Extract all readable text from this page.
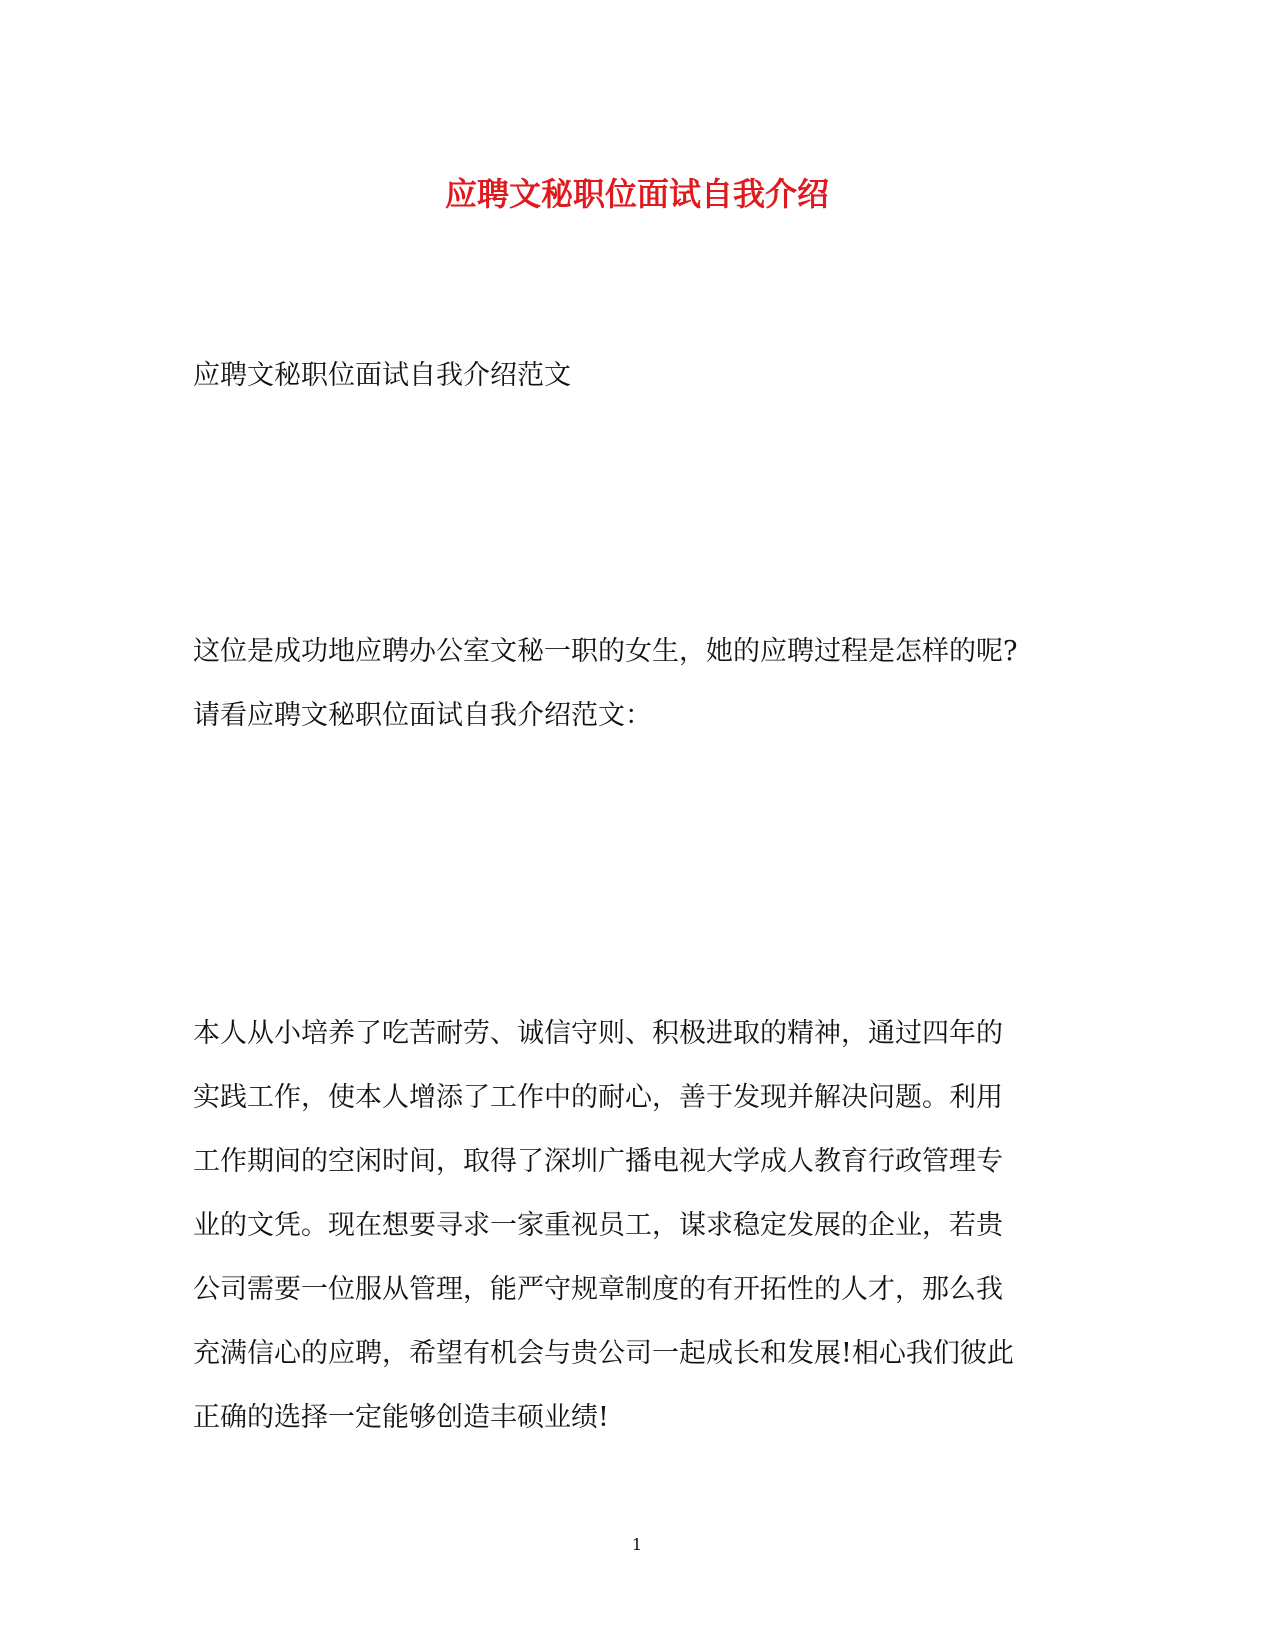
应聘文秘职位面试自我介绍

应聘文秘职位面试自我介绍范文

这位是成功地应聘办公室文秘一职的女生，她的应聘过程是怎样的呢?
请看应聘文秘职位面试自我介绍范文：
本人从小培养了吃苦耐劳、诚信守则、积极进取的精神，通过四年的
实践工作，使本人增添了工作中的耐心，善于发现并解决问题。利用
工作期间的空闲时间，取得了深圳广播电视大学成人教育行政管理专
业的文凭。现在想要寻求一家重视员工，谋求稳定发展的企业，若贵
公司需要一位服从管理，能严守规章制度的有开拓性的人才，那么我
充满信心的应聘，希望有机会与贵公司一起成长和发展!相心我们彼此
正确的选择一定能够创造丰硕业绩!
1
